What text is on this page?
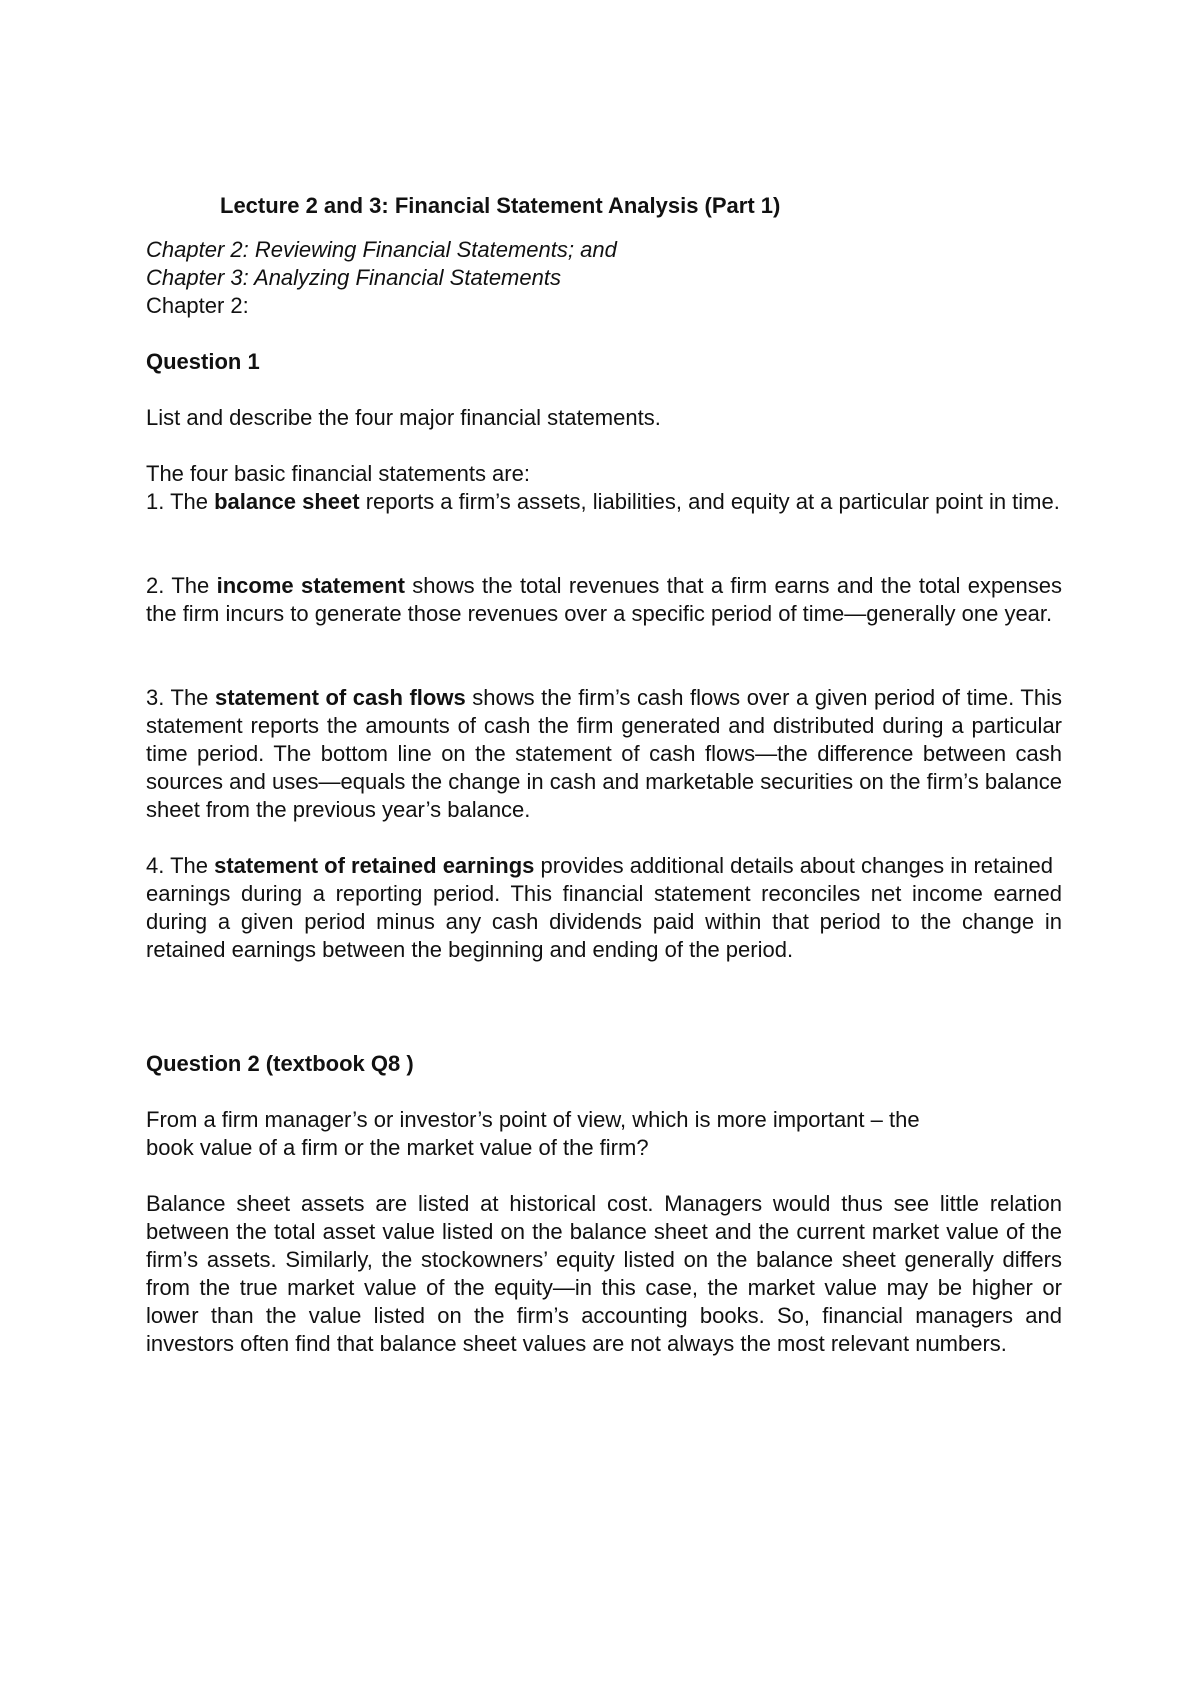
Lecture 2 and 3: Financial Statement Analysis (Part 1)

Chapter 2: Reviewing Financial Statements; and

Chapter 3: Analyzing Financial Statements

Chapter 2:

Question 1

List and describe the four major financial statements.

The four basic financial statements are:

1. The balance sheet reports a firm’s assets, liabilities, and equity at a particular point in time.

2. The income statement shows the total revenues that a firm earns and the total expenses the firm incurs to generate those revenues over a specific period of time—generally one year.

3. The statement of cash flows shows the firm’s cash flows over a given period of time. This statement reports the amounts of cash the firm generated and distributed during a particular time period. The bottom line on the statement of cash flows—the difference between cash sources and uses—equals the change in cash and marketable securities on the firm’s balance sheet from the previous year’s balance.

4. The statement of retained earnings provides additional details about changes in retained

earnings during a reporting period. This financial statement reconciles net income earned during a given period minus any cash dividends paid within that period to the change in retained earnings between the beginning and ending of the period.

Question 2 (textbook Q8 )

From a firm manager’s or investor’s point of view, which is more important – the

book value of a firm or the market value of the firm?

Balance sheet assets are listed at historical cost. Managers would thus see little relation between the total asset value listed on the balance sheet and the current market value of the firm’s assets. Similarly, the stockowners’ equity listed on the balance sheet generally differs from the true market value of the equity—in this case, the market value may be higher or lower than the value listed on the firm’s accounting books. So, financial managers and investors often find that balance sheet values are not always the most relevant numbers.
